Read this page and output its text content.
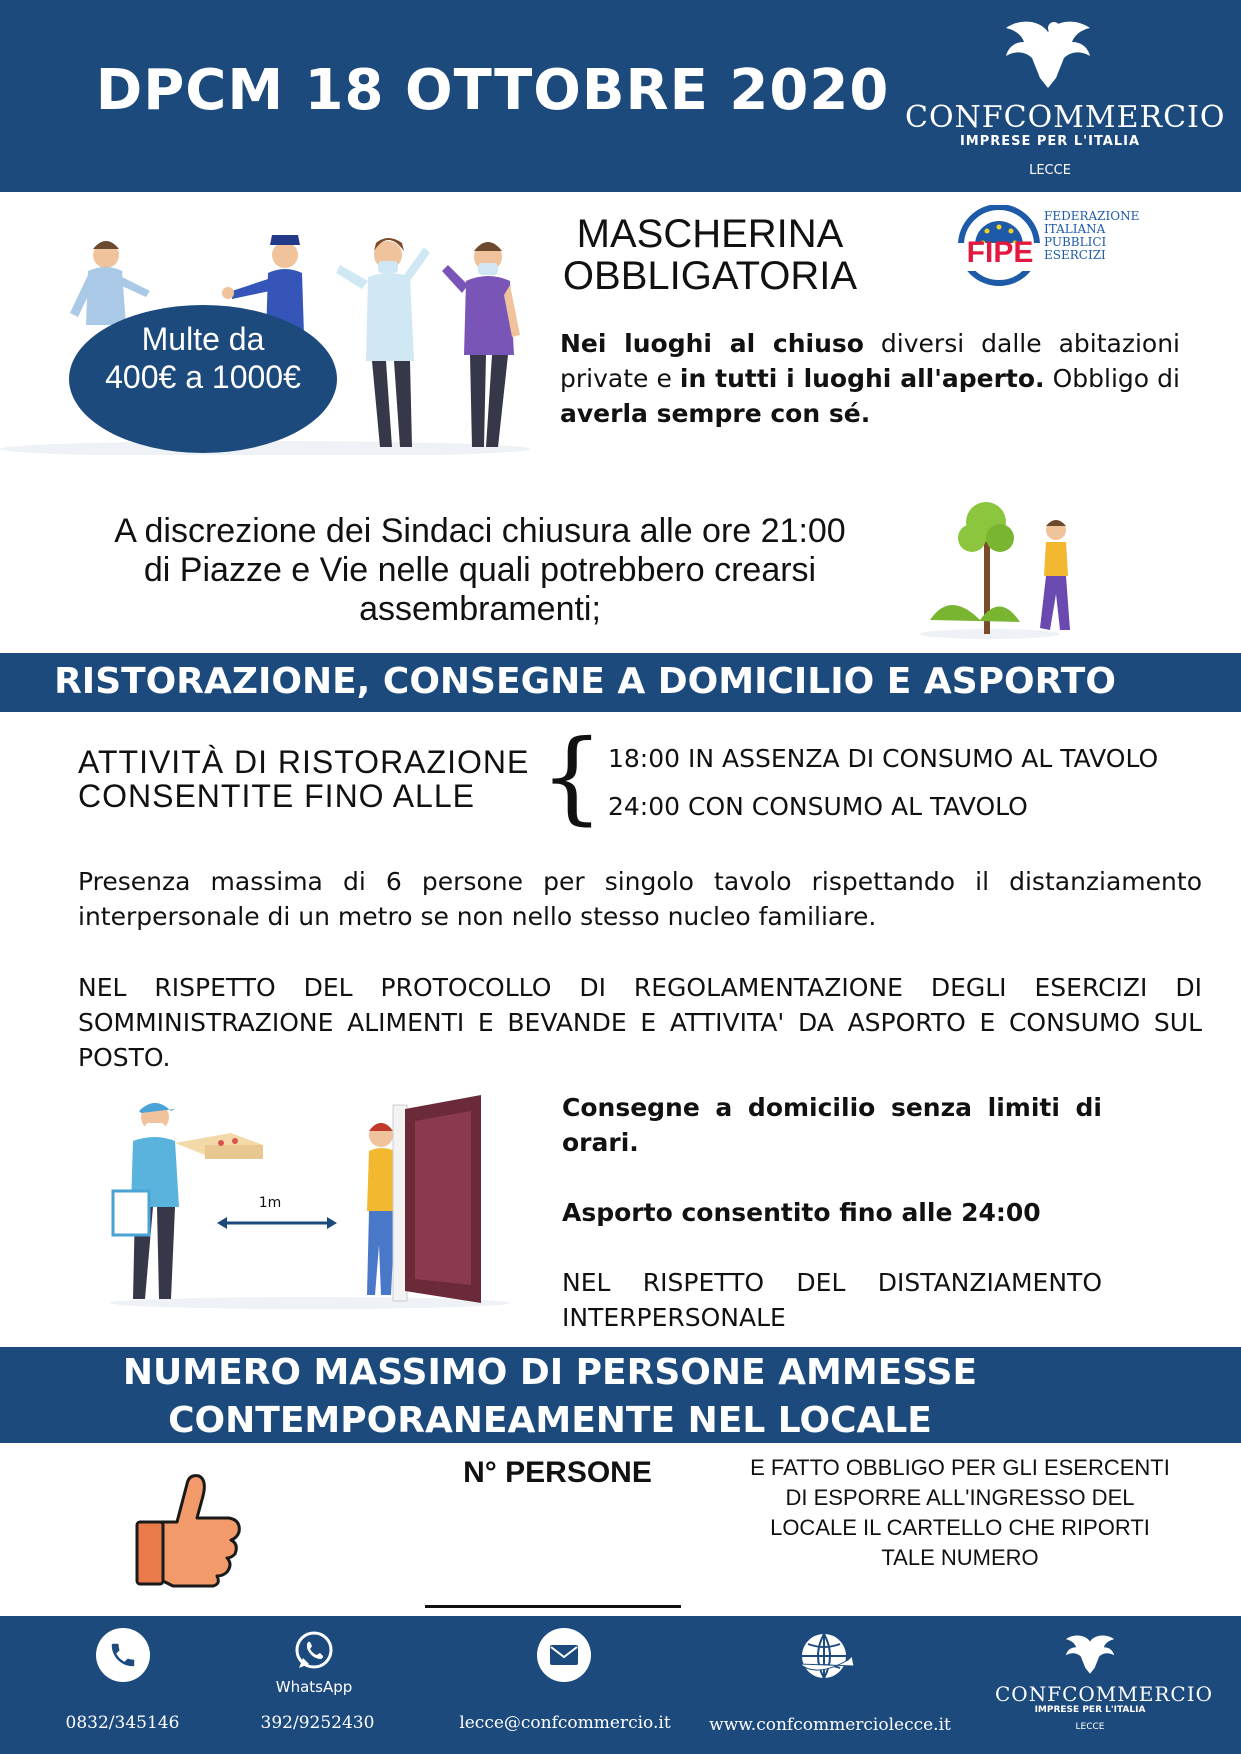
DPCM 18 OTTOBRE 2020 CONFCOMMERCIO
IMPRESE PER L'ITALIA
LECCE
Multe da 400€ a 1000€
MASCHERINA
OBBLIGATORIA
FIPE
FEDERAZIONE
ITALIANA
PUBBLICI
ESERCIZI
Nei luoghi al chiuso diversi dalle abitazioni private e in tutti i luoghi all'aperto. Obbligo di averla sempre con sé.
A discrezione dei Sindaci chiusura alle ore 21:00
di Piazze e Vie nelle quali potrebbero crearsi
assembramenti;
RISTORAZIONE, CONSEGNE A DOMICILIO E ASPORTO
ATTIVITÀ DI RISTORAZIONE
CONSENTITE FINO ALLE { 18:00 IN ASSENZA DI CONSUMO AL TAVOLO
24:00 CON CONSUMO AL TAVOLO
Presenza massima di 6 persone per singolo tavolo rispettando il distanziamento interpersonale di un metro se non nello stesso nucleo familiare.
NEL RISPETTO DEL PROTOCOLLO DI REGOLAMENTAZIONE DEGLI ESERCIZI DI SOMMINISTRAZIONE ALIMENTI E BEVANDE E ATTIVITA' DA ASPORTO E CONSUMO SUL POSTO.
1m
Consegne a domicilio senza limiti di orari.
Asporto consentito fino alle 24:00
NEL RISPETTO DEL DISTANZIAMENTO INTERPERSONALE
NUMERO MASSIMO DI PERSONE AMMESSE
CONTEMPORANEAMENTE NEL LOCALE
N° PERSONE	E FATTO OBBLIGO PER GLI ESERCENTI
DI ESPORRE ALL'INGRESSO DEL
LOCALE IL CARTELLO CHE RIPORTI
TALE NUMERO
0832/345146
WhatsApp
392/9252430	lecce@confcommercio.it	www.confcommerciolecce.it
CONFCOMMERCIO
IMPRESE PER L'ITALIA
LECCE
